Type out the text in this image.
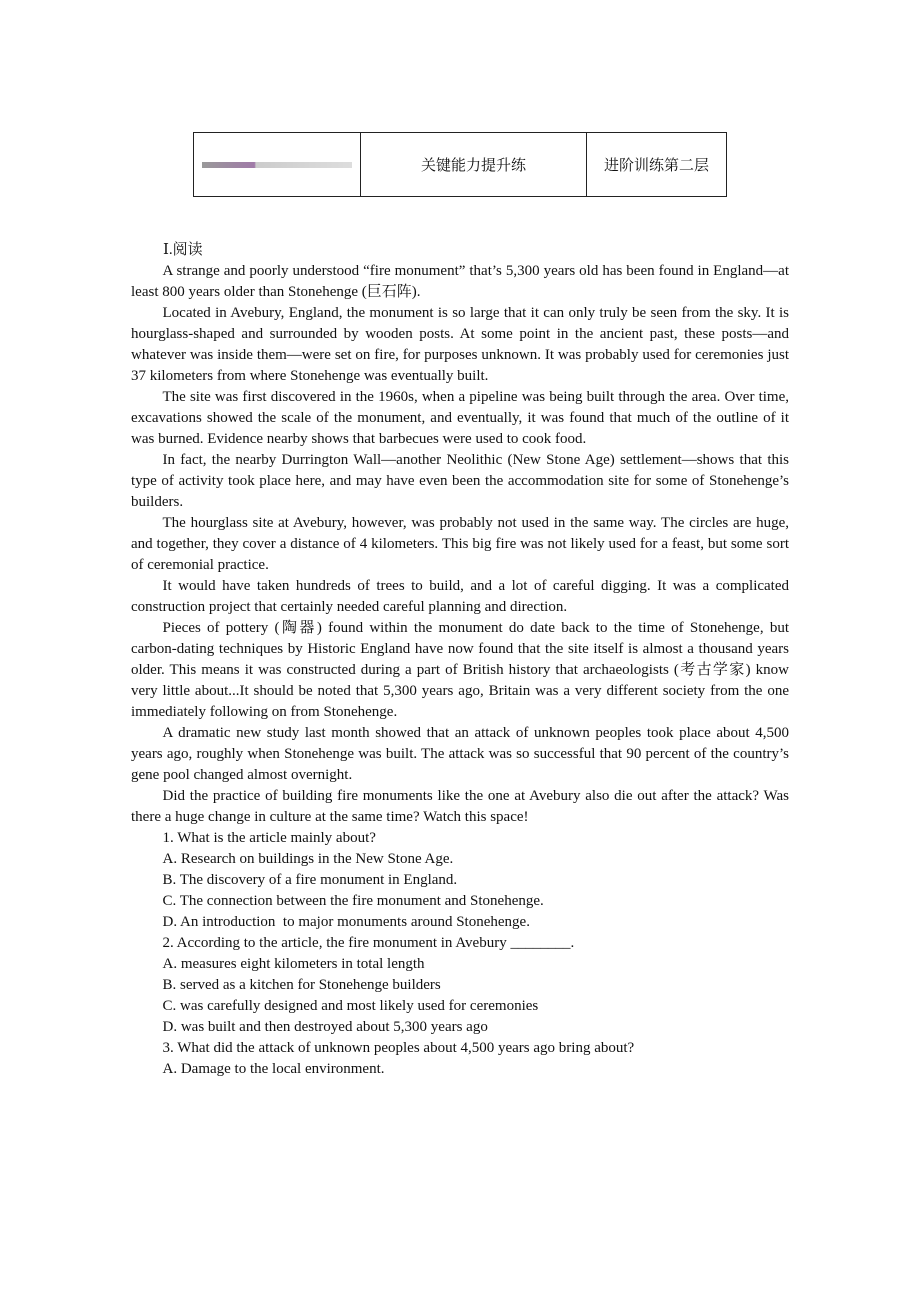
	关键能力提升练	进阶训练第二层
Ⅰ.阅读

A strange and poorly understood “fire monument” that’s 5,300 years old has been found in England—at least 800 years older than Stonehenge (巨石阵).

Located in Avebury, England, the monument is so large that it can only truly be seen from the sky. It is hourglass-shaped and surrounded by wooden posts. At some point in the ancient past, these posts—and whatever was inside them—were set on fire, for purposes unknown. It was probably used for ceremonies just 37 kilometers from where Stonehenge was eventually built.

The site was first discovered in the 1960s, when a pipeline was being built through the area. Over time, excavations showed the scale of the monument, and eventually, it was found that much of the outline of it was burned. Evidence nearby shows that barbecues were used to cook food.

In fact, the nearby Durrington Wall—another Neolithic (New Stone Age) settlement—shows that this type of activity took place here, and may have even been the accommodation site for some of Stonehenge’s builders.

The hourglass site at Avebury, however, was probably not used in the same way. The circles are huge, and together, they cover a distance of 4 kilometers. This big fire was not likely used for a feast, but some sort of ceremonial practice.

It would have taken hundreds of trees to build, and a lot of careful digging. It was a complicated construction project that certainly needed careful planning and direction.

Pieces of pottery (陶器) found within the monument do date back to the time of Stonehenge, but carbon-dating techniques by Historic England have now found that the site itself is almost a thousand years older. This means it was constructed during a part of British history that archaeologists (考古学家) know very little about...It should be noted that 5,300 years ago, Britain was a very different society from the one immediately following on from Stonehenge.

A dramatic new study last month showed that an attack of unknown peoples took place about 4,500 years ago, roughly when Stonehenge was built. The attack was so successful that 90 percent of the country’s gene pool changed almost overnight.

Did the practice of building fire monuments like the one at Avebury also die out after the attack? Was there a huge change in culture at the same time? Watch this space!

1. What is the article mainly about?
A. Research on buildings in the New Stone Age.
B. The discovery of a fire monument in England.
C. The connection between the fire monument and Stonehenge.
D. An introduction  to major monuments around Stonehenge.
2. According to the article, the fire monument in Avebury ________.
A. measures eight kilometers in total length
B. served as a kitchen for Stonehenge builders
C. was carefully designed and most likely used for ceremonies
D. was built and then destroyed about 5,300 years ago
3. What did the attack of unknown peoples about 4,500 years ago bring about?
A. Damage to the local environment.
